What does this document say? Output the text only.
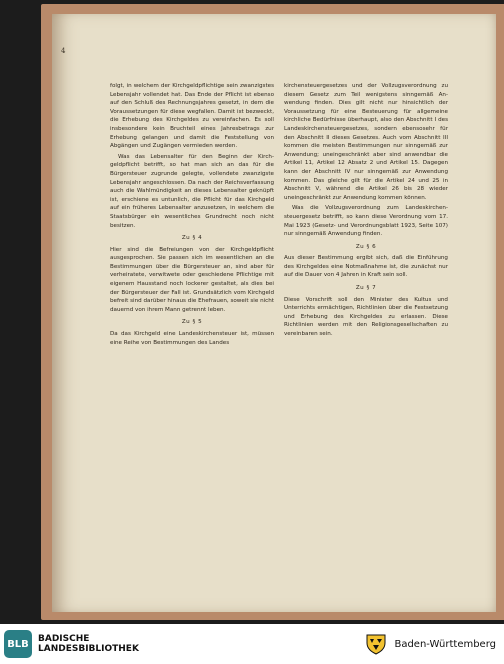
4

folgt, in welchem der Kirchgeldpflichtige sein zwanzigstes Lebensjahr vollendet hat. Das Ende der Pflicht ist ebenso auf den Schluß des Rechnungsjahres gesetzt, in dem die Voraussetzungen für diese wegfallen. Damit ist bezweckt, die Erhebung des Kirchgeldes zu vereinfachen. Es soll insbesondere kein Bruchteil eines Jahresbetrags zur Erhebung gelangen und damit die Feststellung von Abgängen und Zugängen vermieden werden.

Was das Lebensalter für den Beginn der Kirchgeldpflicht betrifft, so hat man sich an das für die Bürgersteuer zugrunde gelegte, vollendete zwanzigste Lebensjahr angeschlossen. Da nach der Reichsverfassung auch die Wahlmündigkeit an dieses Lebensalter geknüpft ist, erschiene es untunlich, die Pflicht für das Kirchgeld auf ein früheres Lebensalter anzusetzen, in welchem die Staatsbürger ein wesentliches Grundrecht noch nicht besitzen.

Zu § 4

Hier sind die Befreiungen von der Kirchgeldpflicht ausgesprochen. Sie passen sich im wesentlichen an die Bestimmungen über die Bürgersteuer an, sind aber für verheiratete, verwitwete oder geschiedene Pflichtige mit eigenem Hausstand noch lockerer gestaltet, als dies bei der Bürgersteuer der Fall ist. Grundsätzlich vom Kirchgeld befreit sind darüber hinaus die Ehefrauen, soweit sie nicht dauernd von ihrem Mann getrennt leben.

Zu § 5

Da das Kirchgeld eine Landeskirchensteuer ist, müssen eine Reihe von Bestimmungen des Landes

kirchensteuergesetzes und der Vollzugsverordnung zu diesem Gesetz zum Teil wenigstens sinngemäß Anwendung finden. Dies gilt nicht nur hinsichtlich der Voraussetzung für eine Besteuerung für allgemeine kirchliche Bedürfnisse überhaupt, also den Abschnitt I des Landeskirchensteuergesetzes, sondern ebensosehr für den Abschnitt II dieses Gesetzes. Auch vom Abschnitt III kommen die meisten Bestimmungen nur sinngemäß zur Anwendung; uneingeschränkt aber sind anwendbar die Artikel 11, Artikel 12 Absatz 2 und Artikel 15. Dagegen kann der Abschnitt IV nur sinngemäß zur Anwendung kommen. Das gleiche gilt für die Artikel 24 und 25 in Abschnitt V, während die Artikel 26 bis 28 wieder uneingeschränkt zur Anwendung kommen können.

Was die Vollzugsverordnung zum Landeskirchensteuergesetz betrifft, so kann diese Verordnung vom 17. Mai 1923 (Gesetz- und Verordnungsblatt 1923, Seite 107) nur sinngemäß Anwendung finden.

Zu § 6

Aus dieser Bestimmung ergibt sich, daß die Einführung des Kirchgeldes eine Notmaßnahme ist, die zunächst nur auf die Dauer von 4 Jahren in Kraft sein soll.

Zu § 7

Diese Vorschrift soll den Minister des Kultus und Unterrichts ermächtigen, Richtlinien über die Festsetzung und Erhebung des Kirchgeldes zu erlassen. Diese Richtlinien werden mit den Religionsgesellschaften zu vereinbaren sein.

BLB	BADISCHE
LANDESBIBLIOTHEK	Baden-Württemberg
